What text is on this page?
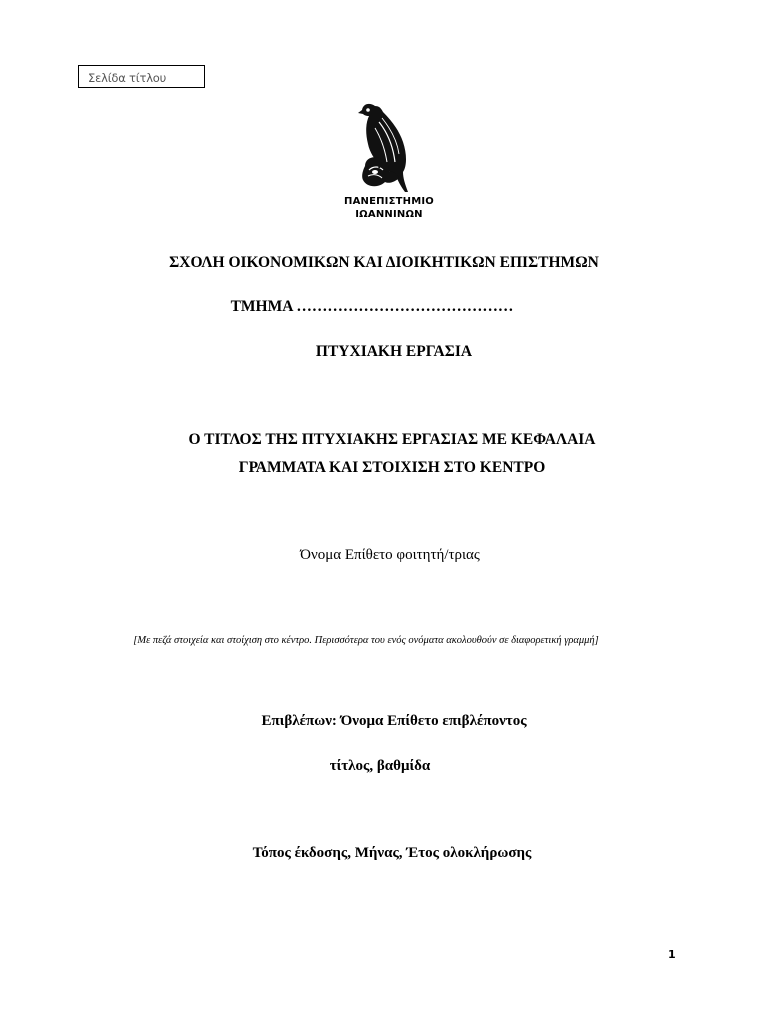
Σελίδα τίτλου
ΠΑΝΕΠΙΣΤΗΜΙΟ
ΙΩΑΝΝΙΝΩΝ
ΣΧΟΛΗ ΟΙΚΟΝΟΜΙΚΩΝ ΚΑΙ ΔΙΟΙΚΗΤΙΚΩΝ ΕΠΙΣΤΗΜΩΝ
ΤΜΗΜΑ ……………………………………
ΠΤΥΧΙΑΚΗ ΕΡΓΑΣΙΑ
Ο ΤΙΤΛΟΣ ΤΗΣ ΠΤΥΧΙΑΚΗΣ ΕΡΓΑΣΙΑΣ ΜΕ ΚΕΦΑΛΑΙΑ
ΓΡΑΜΜΑΤΑ ΚΑΙ ΣΤΟΙΧΙΣΗ ΣΤΟ ΚΕΝΤΡΟ
Όνομα Επίθετο φοιτητή/τριας
[Με πεζά στοιχεία και στοίχιση στο κέντρο. Περισσότερα του ενός ονόματα ακολουθούν σε διαφορετική γραμμή]
Επιβλέπων: Όνομα Επίθετο επιβλέποντος
τίτλος, βαθμίδα
Τόπος έκδοσης, Μήνας, Έτος ολοκλήρωσης
1
